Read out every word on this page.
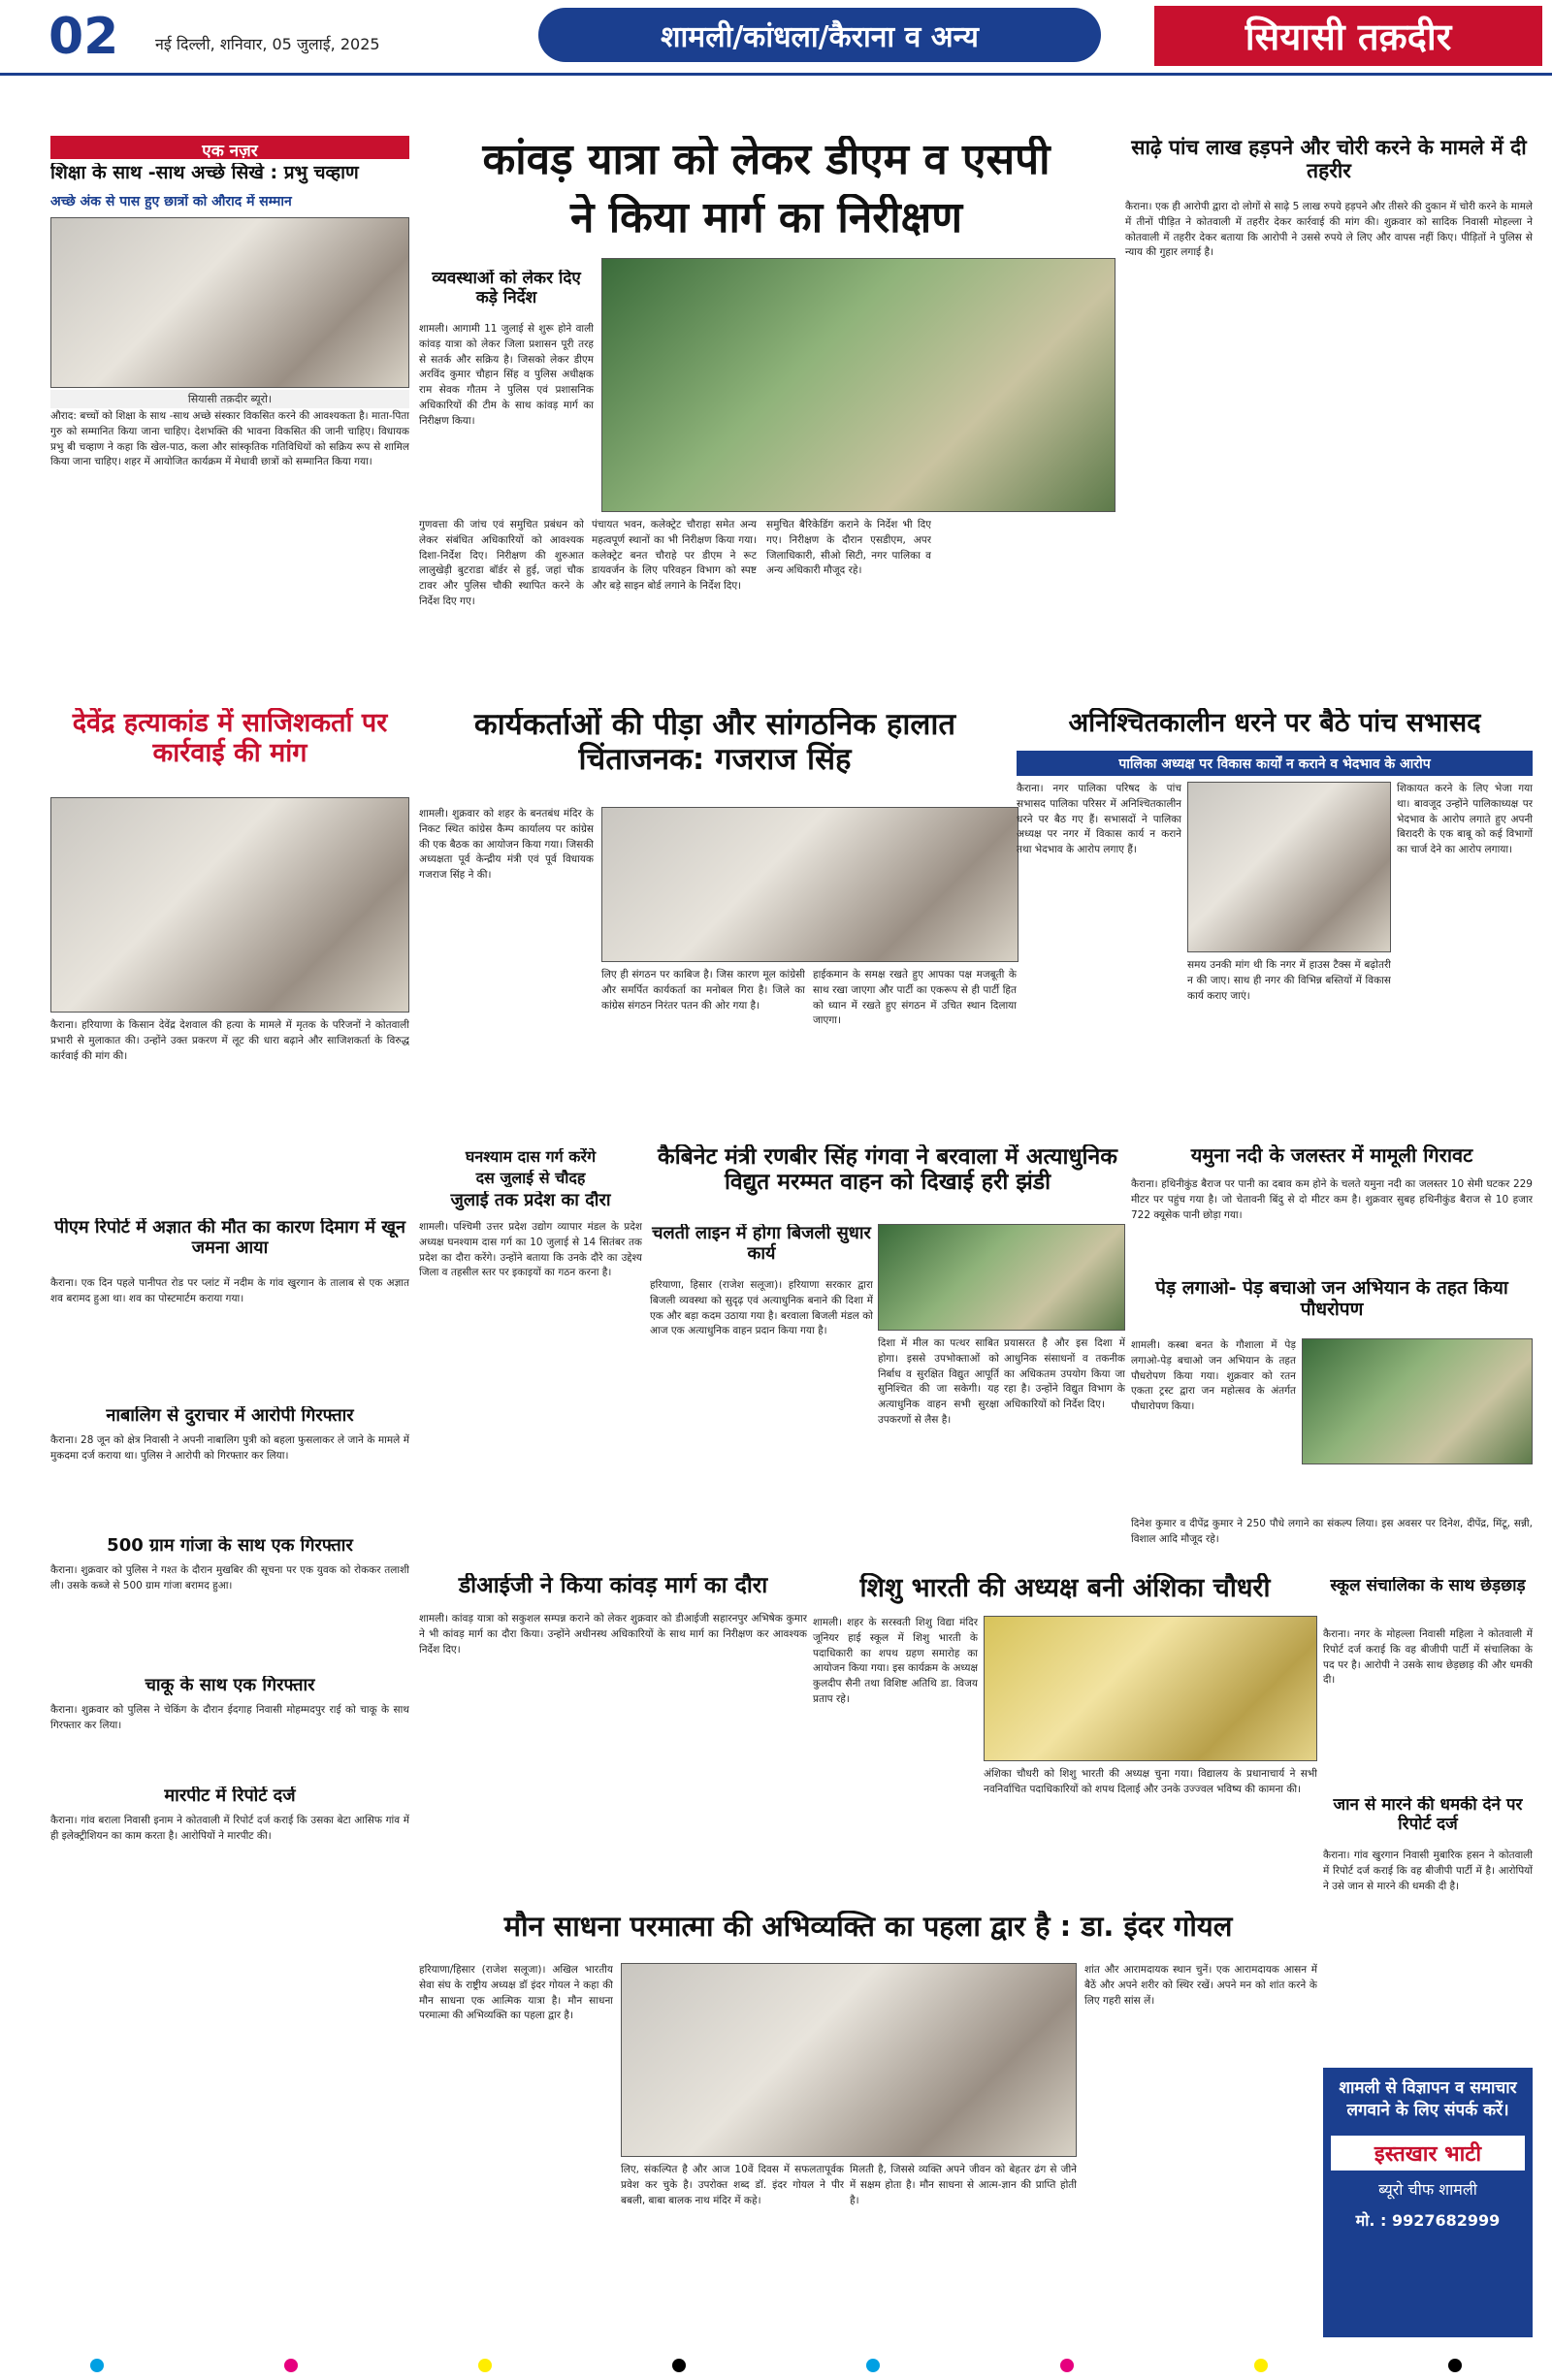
02 नई दिल्ली, शनिवार, 05 जुलाई, 2025	शामली/कांधला/कैराना व अन्य	सियासी तक़दीर
एक नज़र
शिक्षा के साथ -साथ अच्छे सिखे : प्रभु चव्हाण
अच्छे अंक से पास हुए छात्रों को औराद में सम्मान
सियासी तक़दीर ब्यूरो।
औराद: बच्चों को शिक्षा के साथ -साथ अच्छे संस्कार विकसित करने की आवश्यकता है। माता-पिता गुरु को सम्मानित किया जाना चाहिए। देशभक्ति की भावना विकसित की जानी चाहिए। विधायक प्रभु बी चव्हाण ने कहा कि खेल-पाठ, कला और सांस्कृतिक गतिविधियों को सक्रिय रूप से शामिल किया जाना चाहिए। शहर में आयोजित कार्यक्रम में मेधावी छात्रों को सम्मानित किया गया।
देवेंद्र हत्याकांड में साजिशकर्ता पर कार्रवाई की मांग
कैराना। हरियाणा के किसान देवेंद्र देशवाल की हत्या के मामले में मृतक के परिजनों ने कोतवाली प्रभारी से मुलाकात की। उन्होंने उक्त प्रकरण में लूट की धारा बढ़ाने और साजिशकर्ता के विरुद्ध कार्रवाई की मांग की।
पीएम रिपोर्ट में अज्ञात की मौत का कारण दिमाग में खून जमना आया
कैराना। एक दिन पहले पानीपत रोड पर प्लांट में नदीम के गांव खुरगान के तालाब से एक अज्ञात शव बरामद हुआ था। शव का पोस्टमार्टम कराया गया।
नाबालिग से दुराचार में आरोपी गिरफ्तार
कैराना। 28 जून को क्षेत्र निवासी ने अपनी नाबालिग पुत्री को बहला फुसलाकर ले जाने के मामले में मुकदमा दर्ज कराया था। पुलिस ने आरोपी को गिरफ्तार कर लिया।
500 ग्राम गांजा के साथ एक गिरफ्तार
कैराना। शुक्रवार को पुलिस ने गश्त के दौरान मुखबिर की सूचना पर एक युवक को रोककर तलाशी ली। उसके कब्जे से 500 ग्राम गांजा बरामद हुआ।
चाकू के साथ एक गिरफ्तार
कैराना। शुक्रवार को पुलिस ने चेकिंग के दौरान ईदगाह निवासी मोहम्मदपुर राई को चाकू के साथ गिरफ्तार कर लिया।
मारपीट में रिपोर्ट दर्ज
कैराना। गांव बराला निवासी इनाम ने कोतवाली में रिपोर्ट दर्ज कराई कि उसका बेटा आसिफ गांव में ही इलेक्ट्रीशियन का काम करता है। आरोपियों ने मारपीट की।
कांवड़ यात्रा को लेकर डीएम व एसपी
ने किया मार्ग का निरीक्षण
व्यवस्थाओं को लेकर दिए कड़े निर्देश
शामली। आगामी 11 जुलाई से शुरू होने वाली कांवड़ यात्रा को लेकर जिला प्रशासन पूरी तरह से सतर्क और सक्रिय है। जिसको लेकर डीएम अरविंद कुमार चौहान सिंह व पुलिस अधीक्षक राम सेवक गौतम ने पुलिस एवं प्रशासनिक अधिकारियों की टीम के साथ कांवड़ मार्ग का निरीक्षण किया।
गुणवत्ता की जांच एवं समुचित प्रबंधन को लेकर संबंधित अधिकारियों को आवश्यक दिशा-निर्देश दिए। निरीक्षण की शुरुआत लालुखेड़ी बुटराडा बॉर्डर से हुई, जहां चौक टावर और पुलिस चौकी स्थापित करने के निर्देश दिए गए।
पंचायत भवन, कलेक्ट्रेट चौराहा समेत अन्य महत्वपूर्ण स्थानों का भी निरीक्षण किया गया। कलेक्ट्रेट बनत चौराहे पर डीएम ने रूट डायवर्जन के लिए परिवहन विभाग को स्पष्ट और बड़े साइन बोर्ड लगाने के निर्देश दिए।
समुचित बैरिकेडिंग कराने के निर्देश भी दिए गए। निरीक्षण के दौरान एसडीएम, अपर जिलाधिकारी, सीओ सिटी, नगर पालिका व अन्य अधिकारी मौजूद रहे।
साढ़े पांच लाख हड़पने और चोरी करने के मामले में दी तहरीर
कैराना। एक ही आरोपी द्वारा दो लोगों से साढ़े 5 लाख रुपये हड़पने और तीसरे की दुकान में चोरी करने के मामले में तीनों पीड़ित ने कोतवाली में तहरीर देकर कार्रवाई की मांग की। शुक्रवार को सादिक निवासी मोहल्ला ने कोतवाली में तहरीर देकर बताया कि आरोपी ने उससे रुपये ले लिए और वापस नहीं किए। पीड़ितों ने पुलिस से न्याय की गुहार लगाई है।
कार्यकर्ताओं की पीड़ा और सांगठनिक हालात चिंताजनक: गजराज सिंह
शामली। शुक्रवार को शहर के बनतबंध मंदिर के निकट स्थित कांग्रेस कैम्प कार्यालय पर कांग्रेस की एक बैठक का आयोजन किया गया। जिसकी अध्यक्षता पूर्व केन्द्रीय मंत्री एवं पूर्व विधायक गजराज सिंह ने की।
लिए ही संगठन पर काबिज है। जिस कारण मूल कांग्रेसी और समर्पित कार्यकर्ता का मनोबल गिरा है। जिले का कांग्रेस संगठन निरंतर पतन की ओर गया है।
हाईकमान के समक्ष रखते हुए आपका पक्ष मजबूती के साथ रखा जाएगा और पार्टी का एकरूप से ही पार्टी हित को ध्यान में रखते हुए संगठन में उचित स्थान दिलाया जाएगा।
घनश्याम दास गर्ग करेंगे
दस जुलाई से चौदह
जुलाई तक प्रदेश का दौरा
शामली। पश्चिमी उत्तर प्रदेश उद्योग व्यापार मंडल के प्रदेश अध्यक्ष घनश्याम दास गर्ग का 10 जुलाई से 14 सितंबर तक प्रदेश का दौरा करेंगे। उन्होंने बताया कि उनके दौरे का उद्देश्य जिला व तहसील स्तर पर इकाइयों का गठन करना है।
कैबिनेट मंत्री रणबीर सिंह गंगवा ने बरवाला में अत्याधुनिक विद्युत मरम्मत वाहन को दिखाई हरी झंडी
चलती लाइन में होगा बिजली सुधार कार्य
हरियाणा, हिसार (राजेश सलूजा)। हरियाणा सरकार द्वारा बिजली व्यवस्था को सुदृढ़ एवं अत्याधुनिक बनाने की दिशा में एक और बड़ा कदम उठाया गया है। बरवाला बिजली मंडल को आज एक अत्याधुनिक वाहन प्रदान किया गया है।
दिशा में मील का पत्थर साबित होगा। इससे उपभोक्ताओं को निर्बाध व सुरक्षित विद्युत आपूर्ति सुनिश्चित की जा सकेगी। यह अत्याधुनिक वाहन सभी सुरक्षा उपकरणों से लैस है।
प्रयासरत है और इस दिशा में आधुनिक संसाधनों व तकनीक का अधिकतम उपयोग किया जा रहा है। उन्होंने विद्युत विभाग के अधिकारियों को निर्देश दिए।
अनिश्चितकालीन धरने पर बैठे पांच सभासद
पालिका अध्यक्ष पर विकास कार्यों न कराने व भेदभाव के आरोप
कैराना। नगर पालिका परिषद के पांच सभासद पालिका परिसर में अनिश्चितकालीन धरने पर बैठ गए हैं। सभासदों ने पालिका अध्यक्ष पर नगर में विकास कार्य न कराने तथा भेदभाव के आरोप लगाए हैं।
शिकायत करने के लिए भेजा गया था। बावजूद उन्होंने पालिकाध्यक्ष पर भेदभाव के आरोप लगाते हुए अपनी बिरादरी के एक बाबू को कई विभागों का चार्ज देने का आरोप लगाया।
समय उनकी मांग थी कि नगर में हाउस टैक्स में बढ़ोतरी न की जाए। साथ ही नगर की विभिन्न बस्तियों में विकास कार्य कराए जाएं।
यमुना नदी के जलस्तर में मामूली गिरावट
कैराना। हथिनीकुंड बैराज पर पानी का दबाव कम होने के चलते यमुना नदी का जलस्तर 10 सेमी घटकर 229 मीटर पर पहुंच गया है। जो चेतावनी बिंदु से दो मीटर कम है। शुक्रवार सुबह हथिनीकुंड बैराज से 10 हजार 722 क्यूसेक पानी छोड़ा गया।
पेड़ लगाओ- पेड़ बचाओ जन अभियान के तहत किया पौधरोपण
शामली। कस्बा बनत के गौशाला में पेड़ लगाओ-पेड़ बचाओ जन अभियान के तहत पौधरोपण किया गया। शुक्रवार को रतन एकता ट्रस्ट द्वारा जन महोत्सव के अंतर्गत पौधारोपण किया।
दिनेश कुमार व दीपेंद्र कुमार ने 250 पौधे लगाने का संकल्प लिया। इस अवसर पर दिनेश, दीपेंद्र, मिंटू, सन्नी, विशाल आदि मौजूद रहे।
डीआईजी ने किया कांवड़ मार्ग का दौरा
शामली। कांवड़ यात्रा को सकुशल सम्पन्न कराने को लेकर शुक्रवार को डीआईजी सहारनपुर अभिषेक कुमार ने भी कांवड़ मार्ग का दौरा किया। उन्होंने अधीनस्थ अधिकारियों के साथ मार्ग का निरीक्षण कर आवश्यक निर्देश दिए।
शिशु भारती की अध्यक्ष बनी अंशिका चौधरी
शामली। शहर के सरस्वती शिशु विद्या मंदिर जूनियर हाई स्कूल में शिशु भारती के पदाधिकारी का शपथ ग्रहण समारोह का आयोजन किया गया। इस कार्यक्रम के अध्यक्ष कुलदीप सैनी तथा विशिष्ट अतिथि डा. विजय प्रताप रहे।
अंशिका चौधरी को शिशु भारती की अध्यक्ष चुना गया। विद्यालय के प्रधानाचार्य ने सभी नवनिर्वाचित पदाधिकारियों को शपथ दिलाई और उनके उज्ज्वल भविष्य की कामना की।
स्कूल संचालिका के साथ छेड़छाड़
कैराना। नगर के मोहल्ला निवासी महिला ने कोतवाली में रिपोर्ट दर्ज कराई कि वह बीजीपी पार्टी में संचालिका के पद पर है। आरोपी ने उसके साथ छेड़छाड़ की और धमकी दी।
जान से मारने की धमकी देने पर रिपोर्ट दर्ज
कैराना। गांव खुरगान निवासी मुबारिक हसन ने कोतवाली में रिपोर्ट दर्ज कराई कि वह बीजीपी पार्टी में है। आरोपियों ने उसे जान से मारने की धमकी दी है।
मौन साधना परमात्मा की अभिव्यक्ति का पहला द्वार है : डा. इंदर गोयल
हरियाणा/हिसार (राजेश सलूजा)। अखिल भारतीय सेवा संघ के राष्ट्रीय अध्यक्ष डॉ इंदर गोयल ने कहा की मौन साधना एक आत्मिक यात्रा है। मौन साधना परमात्मा की अभिव्यक्ति का पहला द्वार है।
लिए, संकल्पित है और आज 10वें दिवस में सफलतापूर्वक प्रवेश कर चुके है। उपरोक्त शब्द डॉ. इंदर गोयल ने पीर बबली, बाबा बालक नाथ मंदिर में कहे।
मिलती है, जिससे व्यक्ति अपने जीवन को बेहतर ढंग से जीने में सक्षम होता है। मौन साधना से आत्म-ज्ञान की प्राप्ति होती है।
शांत और आरामदायक स्थान चुनें। एक आरामदायक आसन में बैठें और अपने शरीर को स्थिर रखें। अपने मन को शांत करने के लिए गहरी सांस लें।
शामली से विज्ञापन व समाचार लगवाने के लिए संपर्क करें।
इस्तखार भाटी
ब्यूरो चीफ शामली
मो. : 9927682999
